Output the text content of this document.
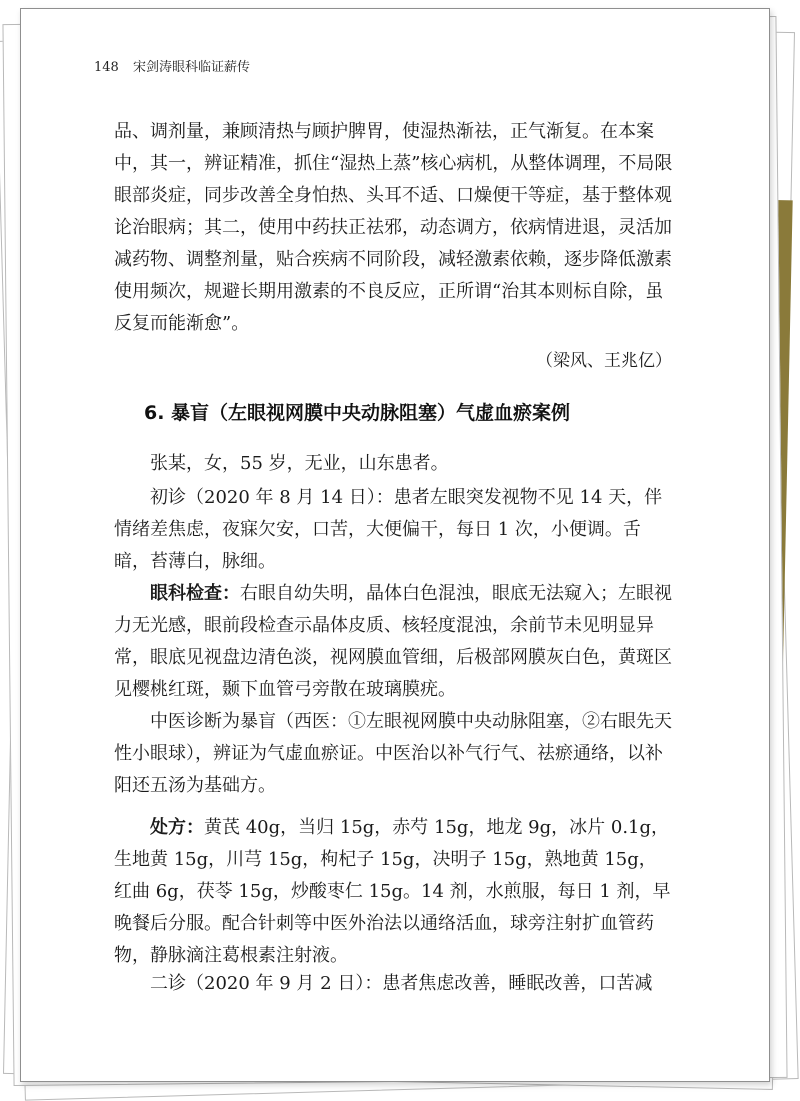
148 宋剑涛眼科临证薪传

品、调剂量，兼顾清热与顾护脾胃，使湿热渐祛，正气渐复。在本案中，其一，辨证精准，抓住“湿热上蒸”核心病机，从整体调理，不局限眼部炎症，同步改善全身怕热、头耳不适、口燥便干等症，基于整体观论治眼病；其二，使用中药扶正祛邪，动态调方，依病情进退，灵活加减药物、调整剂量，贴合疾病不同阶段，减轻激素依赖，逐步降低激素使用频次，规避长期用激素的不良反应，正所谓“治其本则标自除，虽反复而能渐愈”。

（梁风、王兆亿）
6. 暴盲（左眼视网膜中央动脉阻塞）气虚血瘀案例

张某，女，55 岁，无业，山东患者。

初诊（2020 年 8 月 14 日）：患者左眼突发视物不见 14 天，伴情绪差焦虑，夜寐欠安，口苦，大便偏干，每日 1 次，小便调。舌暗，苔薄白，脉细。

眼科检查：右眼自幼失明，晶体白色混浊，眼底无法窥入；左眼视力无光感，眼前段检查示晶体皮质、核轻度混浊，余前节未见明显异常，眼底见视盘边清色淡，视网膜血管细，后极部网膜灰白色，黄斑区见樱桃红斑，颞下血管弓旁散在玻璃膜疣。

中医诊断为暴盲（西医：①左眼视网膜中央动脉阻塞，②右眼先天性小眼球），辨证为气虚血瘀证。中医治以补气行气、祛瘀通络，以补阳还五汤为基础方。

处方：黄芪 40g，当归 15g，赤芍 15g，地龙 9g，冰片 0.1g，生地黄 15g，川芎 15g，枸杞子 15g，决明子 15g，熟地黄 15g，红曲 6g，茯苓 15g，炒酸枣仁 15g。14 剂，水煎服，每日 1 剂，早晚餐后分服。配合针刺等中医外治法以通络活血，球旁注射扩血管药物，静脉滴注葛根素注射液。

二诊（2020 年 9 月 2 日）：患者焦虑改善，睡眠改善，口苦减
